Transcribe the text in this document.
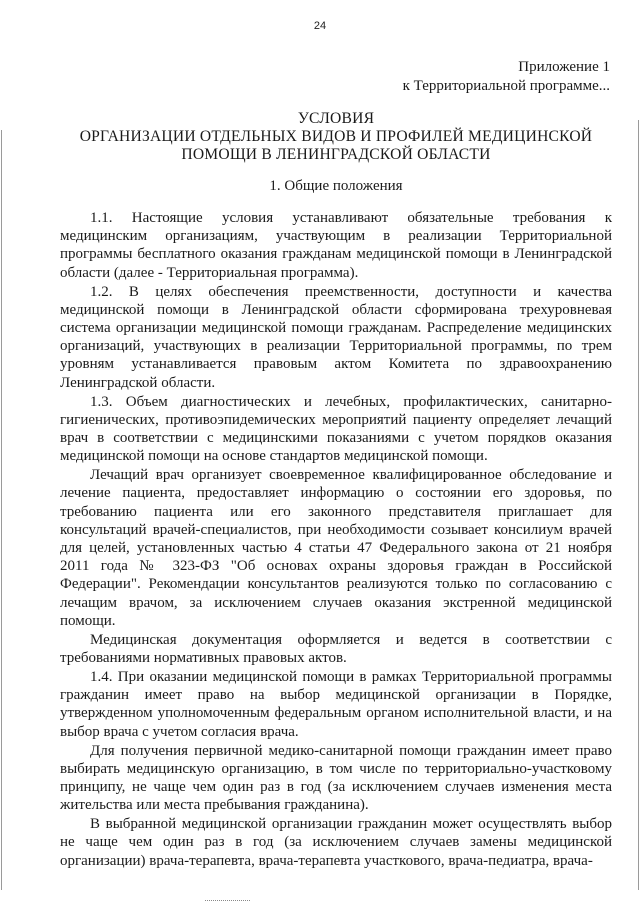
24
Приложение 1
к Территориальной программе...
УСЛОВИЯ
ОРГАНИЗАЦИИ ОТДЕЛЬНЫХ ВИДОВ И ПРОФИЛЕЙ МЕДИЦИНСКОЙ
ПОМОЩИ В ЛЕНИНГРАДСКОЙ ОБЛАСТИ
1. Общие положения
1.1. Настоящие условия устанавливают обязательные требования к
медицинским организациям, участвующим в реализации Территориальной
программы бесплатного оказания гражданам медицинской помощи в Ленинградской
области (далее - Территориальная программа).
1.2. В целях обеспечения преемственности, доступности и качества
медицинской помощи в Ленинградской области сформирована трехуровневая
система организации медицинской помощи гражданам. Распределение медицинских
организаций, участвующих в реализации Территориальной программы, по трем
уровням устанавливается правовым актом Комитета по здравоохранению
Ленинградской области.
1.3. Объем диагностических и лечебных, профилактических, санитарно-
гигиенических, противоэпидемических мероприятий пациенту определяет лечащий
врач в соответствии с медицинскими показаниями с учетом порядков оказания
медицинской помощи на основе стандартов медицинской помощи.
Лечащий врач организует своевременное квалифицированное обследование и
лечение пациента, предоставляет информацию о состоянии его здоровья, по
требованию пациента или его законного представителя приглашает для
консультаций врачей-специалистов, при необходимости созывает консилиум врачей
для целей, установленных частью 4 статьи 47 Федерального закона от 21 ноября
2011 года № 323-ФЗ "Об основах охраны здоровья граждан в Российской
Федерации". Рекомендации консультантов реализуются только по согласованию с
лечащим врачом, за исключением случаев оказания экстренной медицинской
помощи.
Медицинская документация оформляется и ведется в соответствии с
требованиями нормативных правовых актов.
1.4. При оказании медицинской помощи в рамках Территориальной программы
гражданин имеет право на выбор медицинской организации в Порядке,
утвержденном уполномоченным федеральным органом исполнительной власти, и на
выбор врача с учетом согласия врача.
Для получения первичной медико-санитарной помощи гражданин имеет право
выбирать медицинскую организацию, в том числе по территориально-участковому
принципу, не чаще чем один раз в год (за исключением случаев изменения места
жительства или места пребывания гражданина).
В выбранной медицинской организации гражданин может осуществлять выбор
не чаще чем один раз в год (за исключением случаев замены медицинской
организации) врача-терапевта, врача-терапевта участкового, врача-педиатра, врача-
